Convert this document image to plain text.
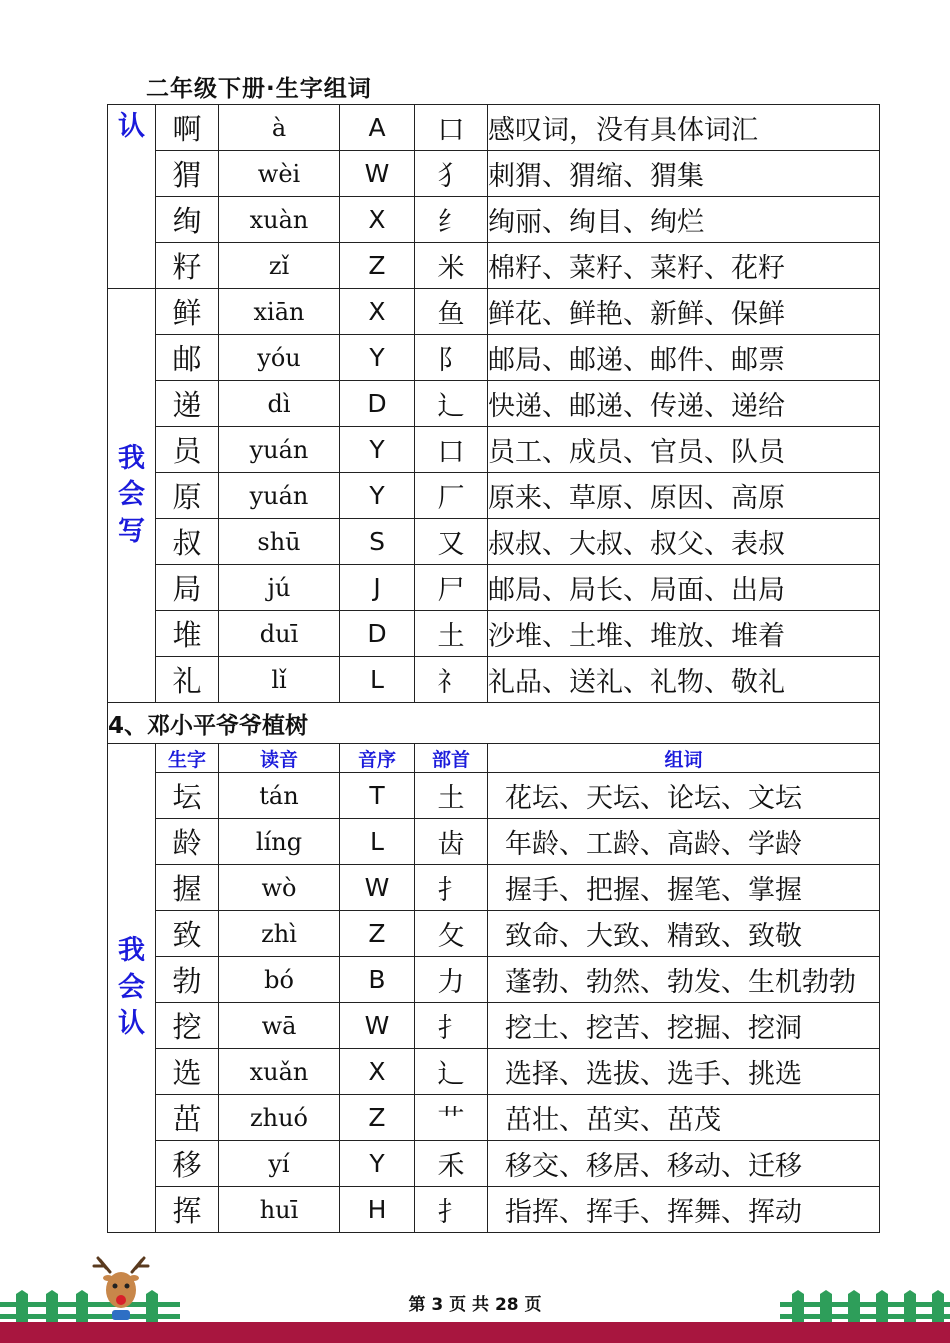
二年级下册·生字组词
认	啊	à	A	口	感叹词，没有具体词汇
	猬	wèi	W	犭	刺猬、猬缩、猬集
	绚	xuàn	X	纟	绚丽、绚目、绚烂
	籽	zǐ	Z	米	棉籽、菜籽、菜籽、花籽

我
会
写	鲜	xiān	X	鱼	鲜花、鲜艳、新鲜、保鲜
	邮	yóu	Y	阝	邮局、邮递、邮件、邮票
	递	dì	D	辶	快递、邮递、传递、递给
	员	yuán	Y	口	员工、成员、官员、队员
	原	yuán	Y	厂	原来、草原、原因、高原
	叔	shū	S	又	叔叔、大叔、叔父、表叔
	局	jú	J	尸	邮局、局长、局面、出局
	堆	duī	D	土	沙堆、土堆、堆放、堆着
	礼	lǐ	L	礻	礼品、送礼、礼物、敬礼
4、邓小平爷爷植树					

我
会
认	生字	读音	音序	部首	组词
	坛	tán	T	土	花坛、天坛、论坛、文坛
	龄	líng	L	齿	年龄、工龄、高龄、学龄
	握	wò	W	扌	握手、把握、握笔、掌握
	致	zhì	Z	攵	致命、大致、精致、致敬
	勃	bó	B	力	蓬勃、勃然、勃发、生机勃勃
	挖	wā	W	扌	挖土、挖苦、挖掘、挖洞
	选	xuǎn	X	辶	选择、选拔、选手、挑选
	茁	zhuó	Z	艹	茁壮、茁实、茁茂
	移	yí	Y	禾	移交、移居、移动、迁移
	挥	huī	H	扌	指挥、挥手、挥舞、挥动
第 3 页 共 28 页
